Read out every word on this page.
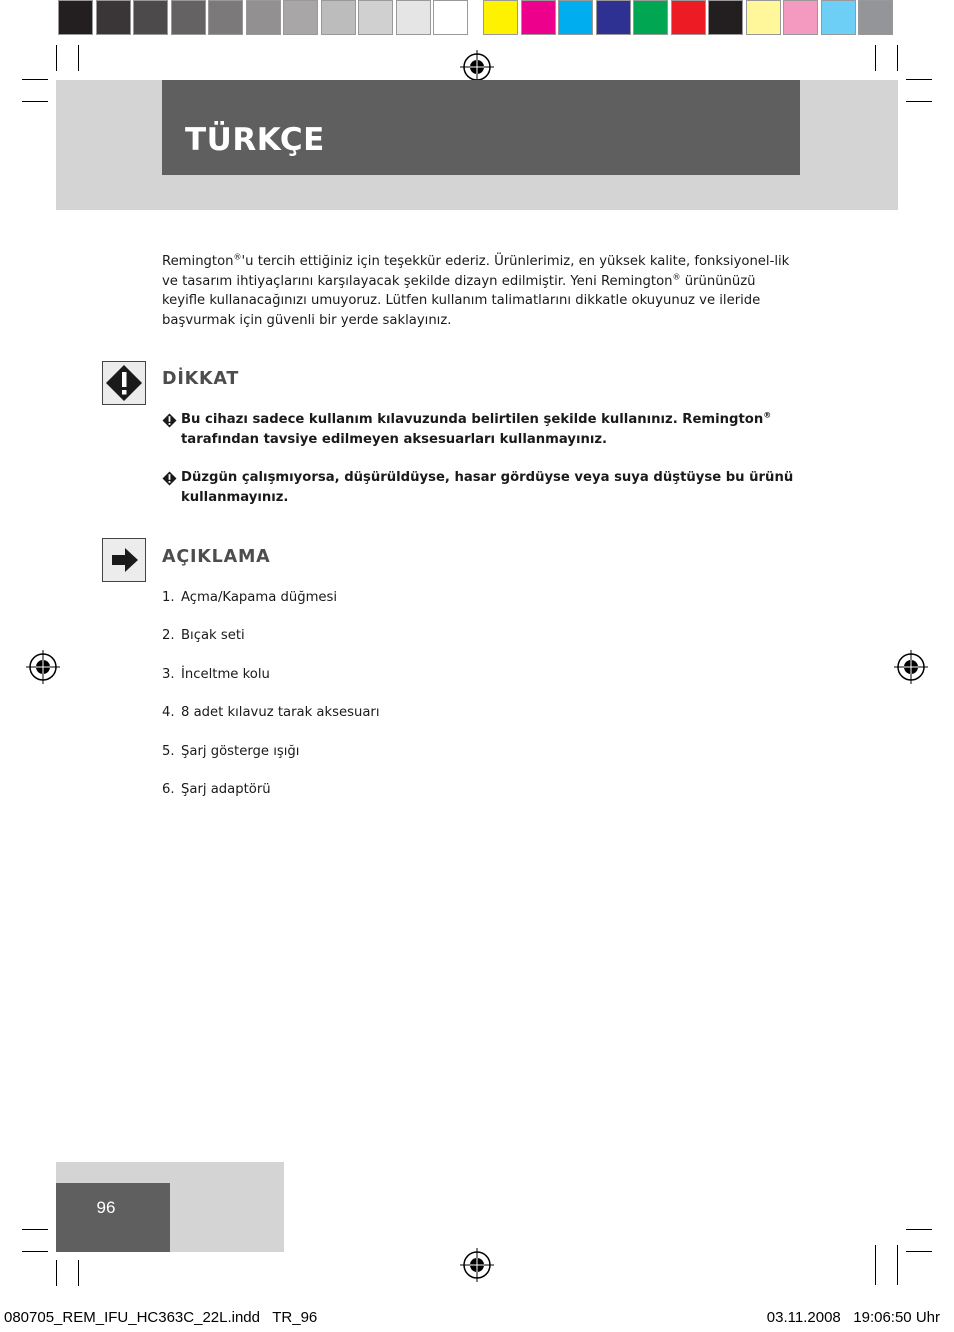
TÜRKÇE
Remington®'u tercih ettiğiniz için teşekkür ederiz. Ürünlerimiz, en yüksek kalite, fonksiyonel-lik ve tasarım ihtiyaçlarını karşılayacak şekilde dizayn edilmiştir. Yeni Remington® ürününüzü keyifle kullanacağınızı umuyoruz. Lütfen kullanım talimatlarını dikkatle okuyunuz ve ileride başvurmak için güvenli bir yerde saklayınız.
DİKKAT
Bu cihazı sadece kullanım kılavuzunda belirtilen şekilde kullanınız. Remington® tarafından tavsiye edilmeyen aksesuarları kullanmayınız.
Düzgün çalışmıyorsa, düşürüldüyse, hasar gördüyse veya suya düştüyse bu ürünü kullanmayınız.
AÇIKLAMA
1. Açma/Kapama düğmesi
2. Bıçak seti
3. İnceltme kolu
4. 8 adet kılavuz tarak aksesuarı
5. Şarj gösterge ışığı
6. Şarj adaptörü
96
080705_REM_IFU_HC363C_22L.indd   TR_96	03.11.2008   19:06:50 Uhr
